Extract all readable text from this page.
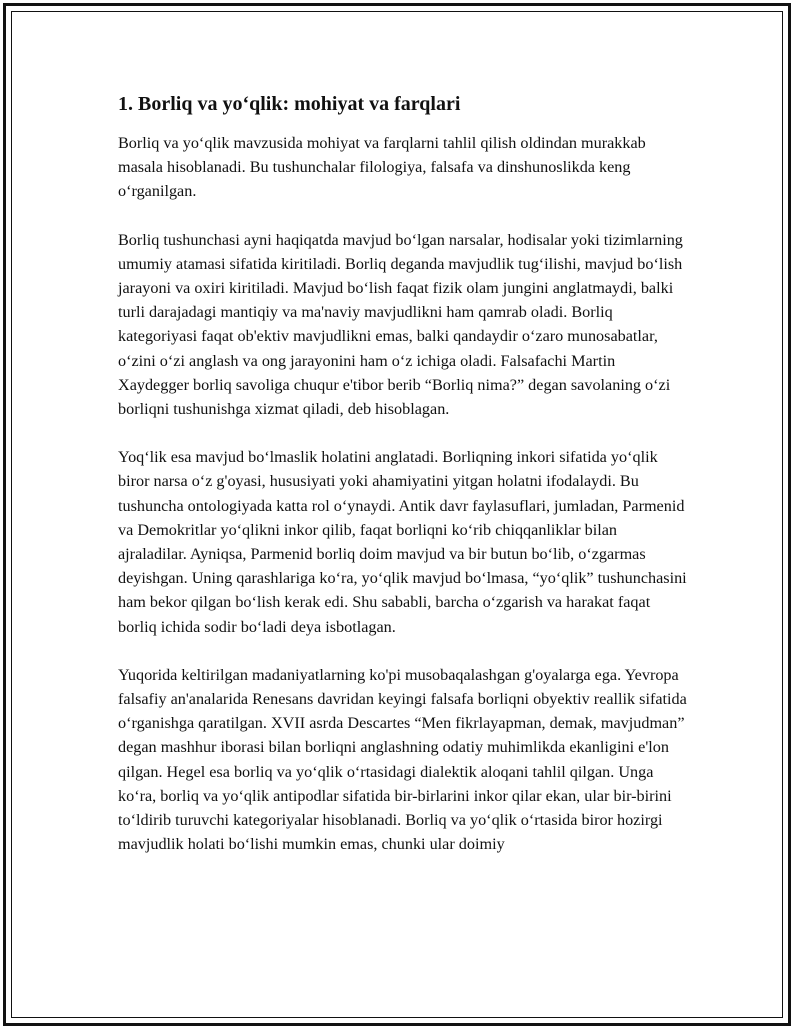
1. Borliq va yo‘qlik: mohiyat va farqlari

Borliq va yo‘qlik mavzusida mohiyat va farqlarni tahlil qilish oldindan murakkab masala hisoblanadi. Bu tushunchalar filologiya, falsafa va dinshunoslikda keng o‘rganilgan.

Borliq tushunchasi ayni haqiqatda mavjud bo‘lgan narsalar, hodisalar yoki tizimlarning umumiy atamasi sifatida kiritiladi. Borliq deganda mavjudlik tug‘ilishi, mavjud bo‘lish jarayoni va oxiri kiritiladi. Mavjud bo‘lish faqat fizik olam jungini anglatmaydi, balki turli darajadagi mantiqiy va ma'naviy mavjudlikni ham qamrab oladi. Borliq kategoriyasi faqat ob'ektiv mavjudlikni emas, balki qandaydir o‘zaro munosabatlar, o‘zini o‘zi anglash va ong jarayonini ham o‘z ichiga oladi. Falsafachi Martin Xaydegger borliq savoliga chuqur e'tibor berib “Borliq nima?” degan savolaning o‘zi borliqni tushunishga xizmat qiladi, deb hisoblagan.

Yoq‘lik esa mavjud bo‘lmaslik holatini anglatadi. Borliqning inkori sifatida yo‘qlik biror narsa o‘z g'oyasi, hususiyati yoki ahamiyatini yitgan holatni ifodalaydi. Bu tushuncha ontologiyada katta rol o‘ynaydi. Antik davr faylasuflari, jumladan, Parmenid va Demokritlar yo‘qlikni inkor qilib, faqat borliqni ko‘rib chiqqanliklar bilan ajraladilar. Ayniqsa, Parmenid borliq doim mavjud va bir butun bo‘lib, o‘zgarmas deyishgan. Uning qarashlariga ko‘ra, yo‘qlik mavjud bo‘lmasa, “yo‘qlik” tushunchasini ham bekor qilgan bo‘lish kerak edi. Shu sababli, barcha o‘zgarish va harakat faqat borliq ichida sodir bo‘ladi deya isbotlagan.

Yuqorida keltirilgan madaniyatlarning ko'pi musobaqalashgan g'oyalarga ega. Yevropa falsafiy an'analarida Renesans davridan keyingi falsafa borliqni obyektiv reallik sifatida o‘rganishga qaratilgan. XVII asrda Descartes “Men fikrlayapman, demak, mavjudman” degan mashhur iborasi bilan borliqni anglashning odatiy muhimlikda ekanligini e'lon qilgan. Hegel esa borliq va yo‘qlik o‘rtasidagi dialektik aloqani tahlil qilgan. Unga ko‘ra, borliq va yo‘qlik antipodlar sifatida bir-birlarini inkor qilar ekan, ular bir-birini to‘ldirib turuvchi kategoriyalar hisoblanadi. Borliq va yo‘qlik o‘rtasida biror hozirgi mavjudlik holati bo‘lishi mumkin emas, chunki ular doimiy
